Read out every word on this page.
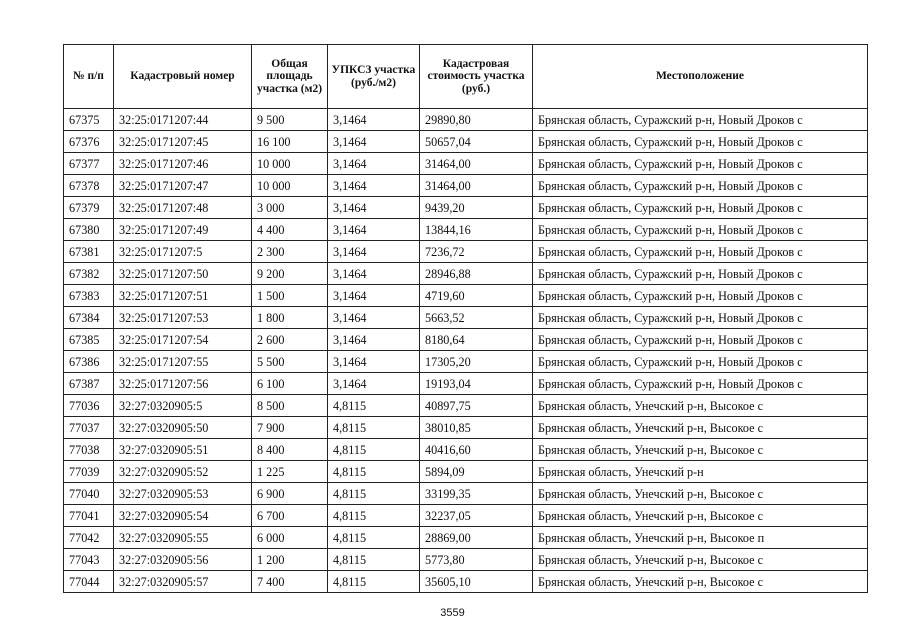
№ п/п	Кадастровый номер	Общая площадь участка (м2)	УПКСЗ участка (руб./м2)	Кадастровая стоимость участка (руб.)	Местоположение
67375	32:25:0171207:44	9 500	3,1464	29890,80	Брянская область, Суражский р-н, Новый Дроков с
67376	32:25:0171207:45	16 100	3,1464	50657,04	Брянская область, Суражский р-н, Новый Дроков с
67377	32:25:0171207:46	10 000	3,1464	31464,00	Брянская область, Суражский р-н, Новый Дроков с
67378	32:25:0171207:47	10 000	3,1464	31464,00	Брянская область, Суражский р-н, Новый Дроков с
67379	32:25:0171207:48	3 000	3,1464	9439,20	Брянская область, Суражский р-н, Новый Дроков с
67380	32:25:0171207:49	4 400	3,1464	13844,16	Брянская область, Суражский р-н, Новый Дроков с
67381	32:25:0171207:5	2 300	3,1464	7236,72	Брянская область, Суражский р-н, Новый Дроков с
67382	32:25:0171207:50	9 200	3,1464	28946,88	Брянская область, Суражский р-н, Новый Дроков с
67383	32:25:0171207:51	1 500	3,1464	4719,60	Брянская область, Суражский р-н, Новый Дроков с
67384	32:25:0171207:53	1 800	3,1464	5663,52	Брянская область, Суражский р-н, Новый Дроков с
67385	32:25:0171207:54	2 600	3,1464	8180,64	Брянская область, Суражский р-н, Новый Дроков с
67386	32:25:0171207:55	5 500	3,1464	17305,20	Брянская область, Суражский р-н, Новый Дроков с
67387	32:25:0171207:56	6 100	3,1464	19193,04	Брянская область, Суражский р-н, Новый Дроков с
77036	32:27:0320905:5	8 500	4,8115	40897,75	Брянская область, Унечский р-н, Высокое с
77037	32:27:0320905:50	7 900	4,8115	38010,85	Брянская область, Унечский р-н, Высокое с
77038	32:27:0320905:51	8 400	4,8115	40416,60	Брянская область, Унечский р-н, Высокое с
77039	32:27:0320905:52	1 225	4,8115	5894,09	Брянская область, Унечский р-н
77040	32:27:0320905:53	6 900	4,8115	33199,35	Брянская область, Унечский р-н, Высокое с
77041	32:27:0320905:54	6 700	4,8115	32237,05	Брянская область, Унечский р-н, Высокое с
77042	32:27:0320905:55	6 000	4,8115	28869,00	Брянская область, Унечский р-н, Высокое п
77043	32:27:0320905:56	1 200	4,8115	5773,80	Брянская область, Унечский р-н, Высокое с
77044	32:27:0320905:57	7 400	4,8115	35605,10	Брянская область, Унечский р-н, Высокое с
3559
